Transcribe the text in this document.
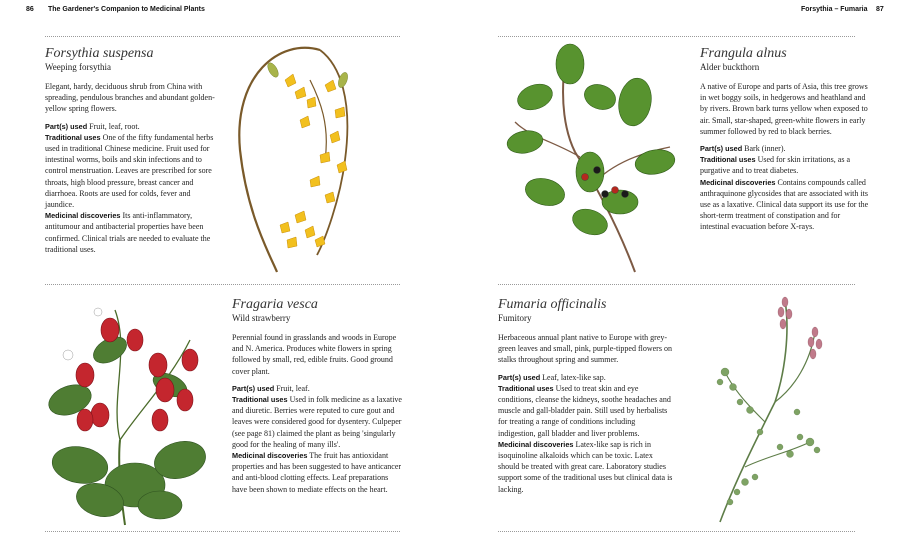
86 The Gardener's Companion to Medicinal Plants
Forsythia suspensa
Weeping forsythia

Elegant, hardy, deciduous shrub from China with spreading, pendulous branches and abundant golden-yellow spring flowers.

Part(s) used Fruit, leaf, root.

Traditional uses One of the fifty fundamental herbs used in traditional Chinese medicine. Fruit used for intestinal worms, boils and skin infections and to control menstruation. Leaves are prescribed for sore throats, high blood pressure, breast cancer and diarrhoea. Roots are used for colds, fever and jaundice.

Medicinal discoveries Its anti-inflammatory, antitumour and antibacterial properties have been confirmed. Clinical trials are needed to evaluate the traditional uses.

Fragaria vesca
Wild strawberry

Perennial found in grasslands and woods in Europe and N. America. Produces white flowers in spring followed by small, red, edible fruits. Good ground cover plant.

Part(s) used Fruit, leaf.

Traditional uses Used in folk medicine as a laxative and diuretic. Berries were reputed to cure gout and leaves were considered good for dysentery. Culpeper (see page 81) claimed the plant as being 'singularly good for the healing of many ills'.

Medicinal discoveries The fruit has antioxidant properties and has been suggested to have anticancer and anti-blood clotting effects. Leaf preparations have been shown to mediate effects on the heart.

Forsythia – Fumaria 87
Frangula alnus
Alder buckthorn

A native of Europe and parts of Asia, this tree grows in wet boggy soils, in hedgerows and heathland and by rivers. Brown bark turns yellow when exposed to air. Small, star-shaped, green-white flowers in early summer followed by red to black berries.

Part(s) used Bark (inner).

Traditional uses Used for skin irritations, as a purgative and to treat diabetes.

Medicinal discoveries Contains compounds called anthraquinone glycosides that are associated with its use as a laxative. Clinical data support its use for the short-term treatment of constipation and for intestinal evacuation before X-rays.

Fumaria officinalis
Fumitory

Herbaceous annual plant native to Europe with grey-green leaves and small, pink, purple-tipped flowers on stalks throughout spring and summer.

Part(s) used Leaf, latex-like sap.

Traditional uses Used to treat skin and eye conditions, cleanse the kidneys, soothe headaches and muscle and gall-bladder pain. Still used by herbalists for treating a range of conditions including indigestion, gall bladder and liver problems.

Medicinal discoveries Latex-like sap is rich in isoquinoline alkaloids which can be toxic. Latex should be treated with great care. Laboratory studies support some of the traditional uses but clinical data is lacking.
